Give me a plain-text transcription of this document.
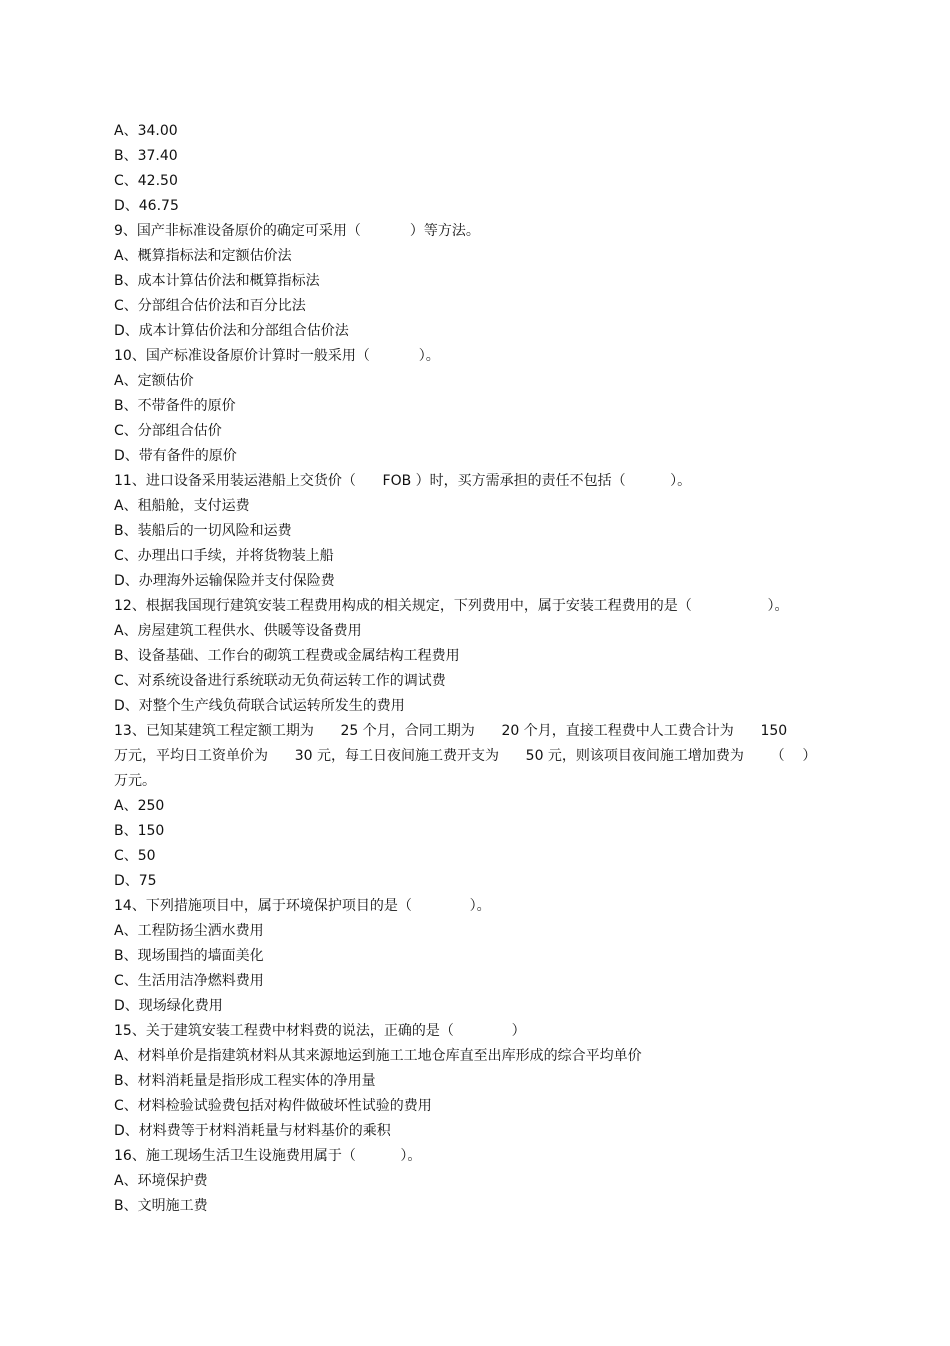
A、34.00
B、37.40
C、42.50
D、46.75
9、国产非标准设备原价的确定可采用（           ）等方法。
A、概算指标法和定额估价法
B、成本计算估价法和概算指标法
C、分部组合估价法和百分比法
D、成本计算估价法和分部组合估价法
10、国产标准设备原价计算时一般采用（           ）。
A、定额估价
B、不带备件的原价
C、分部组合估价
D、带有备件的原价
11、进口设备采用装运港船上交货价（      FOB ）时，买方需承担的责任不包括（          ）。
A、租船舱，支付运费
B、装船后的一切风险和运费
C、办理出口手续，并将货物装上船
D、办理海外运输保险并支付保险费
12、根据我国现行建筑安装工程费用构成的相关规定，下列费用中，属于安装工程费用的是（                 ）。
A、房屋建筑工程供水、供暖等设备费用
B、设备基础、工作台的砌筑工程费或金属结构工程费用
C、对系统设备进行系统联动无负荷运转工作的调试费
D、对整个生产线负荷联合试运转所发生的费用
13、已知某建筑工程定额工期为      25 个月，合同工期为      20 个月，直接工程费中人工费合计为      150
万元，平均日工资单价为      30 元，每工日夜间施工费开支为      50 元，则该项目夜间施工增加费为      （    ）
万元。
A、250
B、150
C、50
D、75
14、下列措施项目中，属于环境保护项目的是（             ）。
A、工程防扬尘洒水费用
B、现场围挡的墙面美化
C、生活用洁净燃料费用
D、现场绿化费用
15、关于建筑安装工程费中材料费的说法，正确的是（             ）
A、材料单价是指建筑材料从其来源地运到施工工地仓库直至出库形成的综合平均单价
B、材料消耗量是指形成工程实体的净用量
C、材料检验试验费包括对构件做破坏性试验的费用
D、材料费等于材料消耗量与材料基价的乘积
16、施工现场生活卫生设施费用属于（          ）。
A、环境保护费
B、文明施工费
